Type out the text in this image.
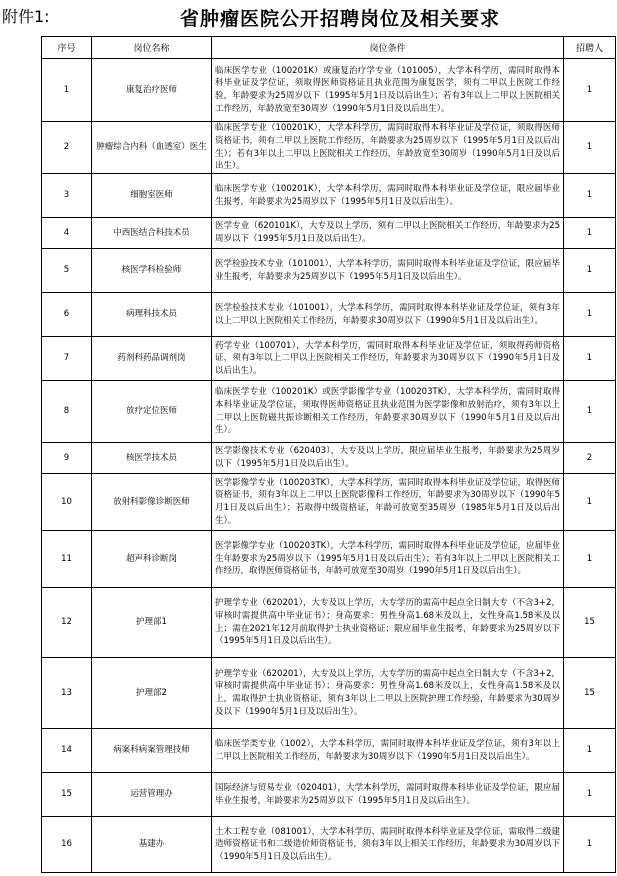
附件1:	省肿瘤医院公开招聘岗位及相关要求
序号	岗位名称	岗位条件	招聘人
1	康复治疗医师	临床医学专业（100201K）或康复治疗学专业（101005），大学本科学历，需同时取得本科毕业证及学位证，须取得医师资格证且执业范围为康复医学，须有二甲以上医院工作经验，年龄要求为25周岁以下（1995年5月1日及以后出生）；若有3年以上二甲以上医院相关工作经历，年龄放宽至30周岁（1990年5月1日及以后出生）。	1
2	肿瘤综合内科（血透室）医生	临床医学专业（100201K），大学本科学历，需同时取得本科毕业证及学位证，须取得医师资格证书，须有二甲以上医院工作经历，年龄要求为25周岁以下（1995年5月1日及以后出生）；若有3年以上二甲以上医院相关工作经历，年龄放宽至30周岁（1990年5月1日及以后出生）。	1
3	细胞室医师	临床医学专业（100201K），大学本科学历，需同时取得本科毕业证及学位证，限应届毕业生报考，年龄要求为25周岁以下（1995年5月1日及以后出生）。	1
4	中西医结合科技术员	医学专业（620101K），大专及以上学历，须有二甲以上医院相关工作经历，年龄要求为25周岁以下（1995年5月1日及以后出生）。	1
5	核医学科检验师	医学检验技术专业（101001），大学本科学历，需同时取得本科毕业证及学位证，限应届毕业生报考，年龄要求为25周岁以下（1995年5月1日及以后出生）。	1
6	病理科技术员	医学检验技术专业（101001），大学本科学历，需同时取得本科毕业证及学位证，须有3年以上二甲以上医院相关工作经历，年龄要求30周岁以下（1990年5月1日及以后出生）。	1
7	药剂科药品调剂岗	药学专业（100701），大学本科学历，需同时取得本科毕业证及学位证，须取得药师资格证，须有3年以上二甲以上医院相关工作经历，年龄要求为30周岁以下（1990年5月1日及以后出生）。	1
8	放疗定位医师	临床医学专业（100201K）或医学影像学专业（100203TK），大学本科学历，需同时取得本科毕业证及学位证，须取得医师资格证且执业范围为医学影像和放射治疗，须有3年以上二甲以上医院磁共振诊断相关工作经历，年龄要求30周岁以下（1990年5月1日及以后出生）。	1
9	核医学技术员	医学影像技术专业（620403），大专及以上学历，限应届毕业生报考，年龄要求为25周岁以下（1995年5月1日及以后出生）。	2
10	放射科影像诊断医师	医学影像学专业（100203TK），大学本科学历，需同时取得本科毕业证及学位证，取得医师资格证书，须有3年以上二甲以上医院影像科工作经历，年龄要求为30周岁以下（1990年5月1日及以后出生）；若取得中级资格证，年龄可放宽至35周岁（1985年5月1日及以后出生）。	1
11	超声科诊断岗	医学影像学专业（100203TK），大学本科学历，需同时取得本科毕业证及学位证，应届毕业生年龄要求为25周岁以下（1995年5月1日及以后出生）；若有3年以上二甲以上医院相关工作经历，取得医师资格证书，年龄可放宽至30周岁（1990年5月1日及以后出生）。	1
12	护理部1	护理学专业（620201），大专及以上学历，大专学历的需高中起点全日制大专（不含3+2，审核时需提供高中毕业证书）；身高要求：男性身高1.68米及以上，女性身高1.58米及以上；需在2021年12月前取得护士执业资格证；限应届毕业生报考，年龄要求为25周岁以下（1995年5月1日及以后出生）。	15
13	护理部2	护理学专业（620201），大专及以上学历，大专学历的需高中起点全日制大专（不含3+2，审核时需提供高中毕业证书）；身高要求：男性身高1.68米及以上，女性身高1.58米及以上，需取得护士执业资格证，须有3年以上二甲以上医院护理工作经验，年龄要求为30周岁及以下（1990年5月1日及以后出生）。	15
14	病案科病案管理技师	临床医学类专业（1002），大学本科学历，需同时取得本科毕业证及学位证，须有3年以上二甲以上医院相关工作经历，年龄要求为30周岁以下（1990年5月1日及以后出生）。	1
15	运营管理办	国际经济与贸易专业（020401），大学本科学历，需同时取得本科毕业证及学位证，限应届毕业生报考，年龄要求为25周岁以下（1995年5月1日及以后出生）。	1
16	基建办	土木工程专业（081001），大学本科学历，需同时取得本科毕业证及学位证，需取得二级建造师资格证书和二级造价师资格证书，须有3年以上相关工作经历，年龄要求为30周岁以下（1990年5月1日及以后出生）。	1
